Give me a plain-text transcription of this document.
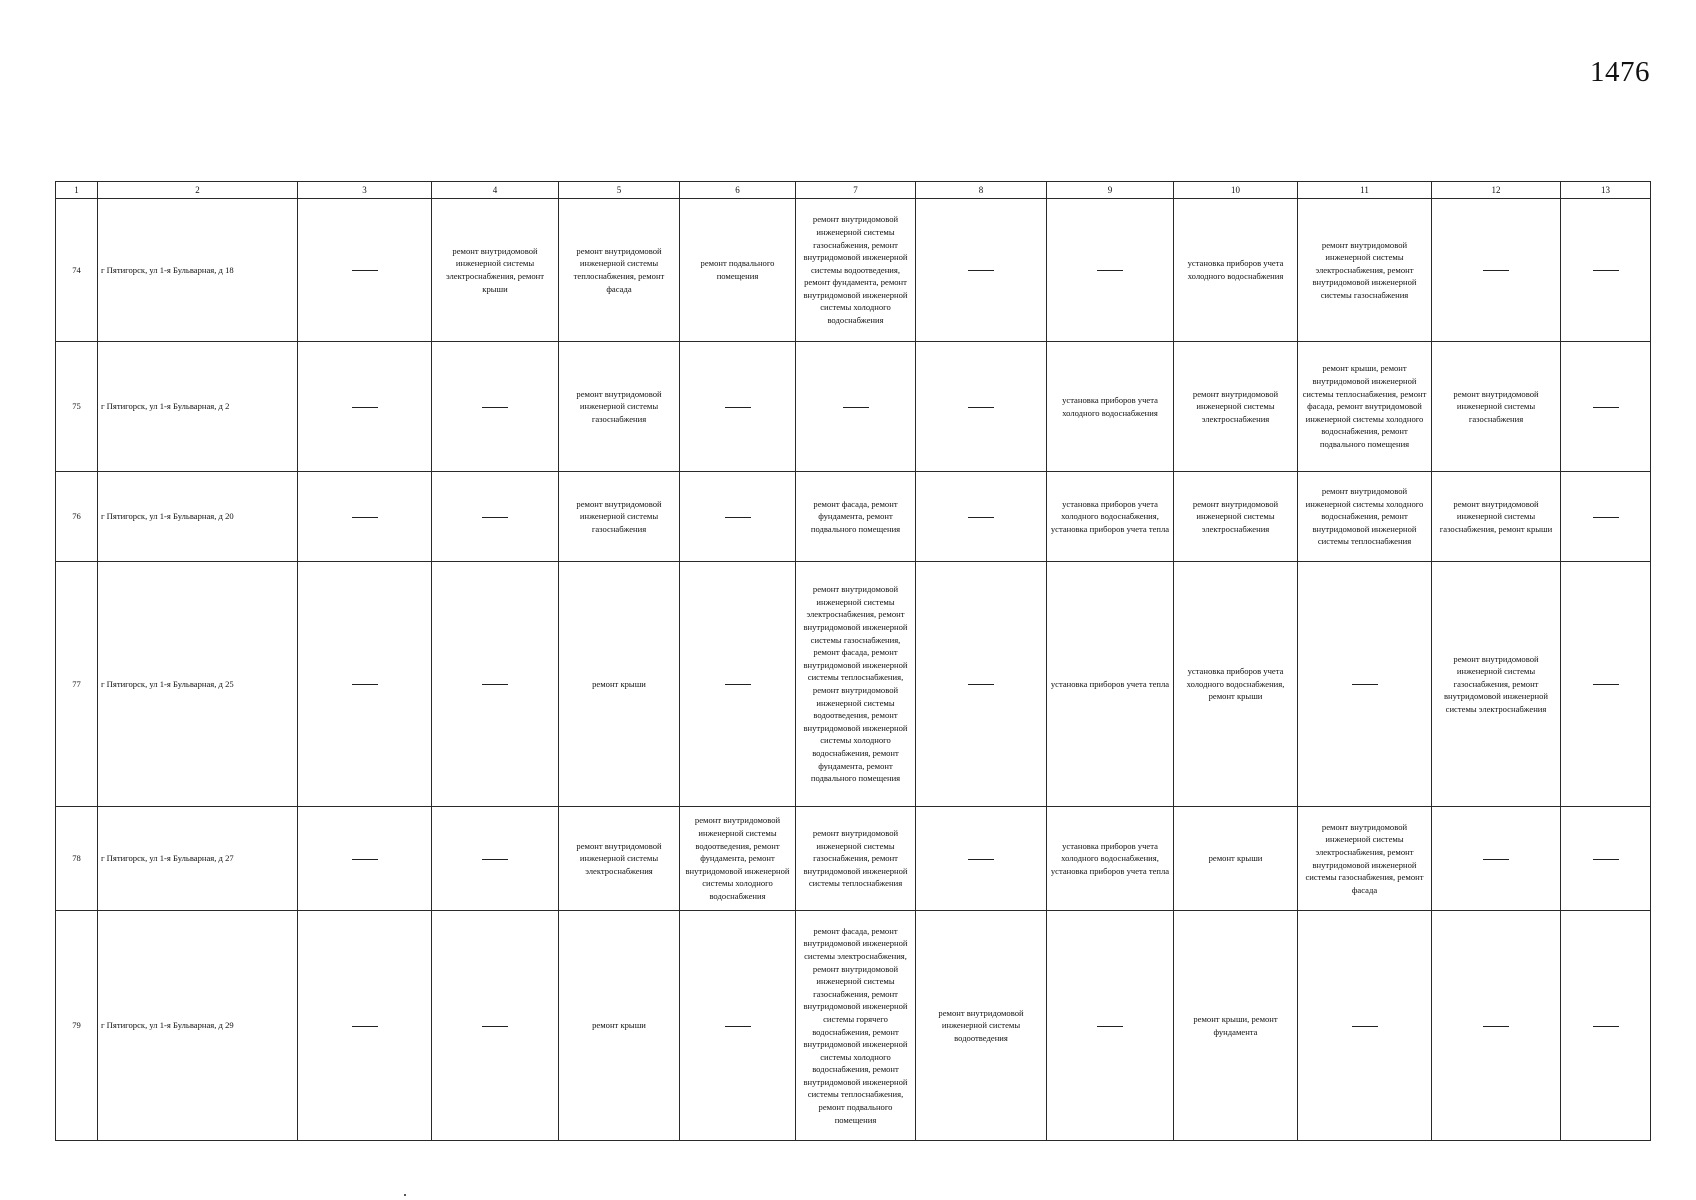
1476
1	2	3	4	5	6	7	8	9	10	11	12	13
74	г Пятигорск, ул 1-я Бульварная, д 18		ремонт внутридомовой инженерной системы электроснабжения, ремонт крыши	ремонт внутридомовой инженерной системы теплоснабжения, ремонт фасада	ремонт подвального помещения	ремонт внутридомовой инженерной системы газоснабжения, ремонт внутридомовой инженерной системы водоотведения, ремонт фундамента, ремонт внутридомовой инженерной системы холодного водоснабжения			установка приборов учета холодного водоснабжения	ремонт внутридомовой инженерной системы электроснабжения, ремонт внутридомовой инженерной системы газоснабжения		
75	г Пятигорск, ул 1-я Бульварная, д 2			ремонт внутридомовой инженерной системы газоснабжения				установка приборов учета холодного водоснабжения	ремонт внутридомовой инженерной системы электроснабжения	ремонт крыши, ремонт внутридомовой инженерной системы теплоснабжения, ремонт фасада, ремонт внутридомовой инженерной системы холодного водоснабжения, ремонт подвального помещения	ремонт внутридомовой инженерной системы газоснабжения	
76	г Пятигорск, ул 1-я Бульварная, д 20			ремонт внутридомовой инженерной системы газоснабжения		ремонт фасада, ремонт фундамента, ремонт подвального помещения		установка приборов учета холодного водоснабжения, установка приборов учета тепла	ремонт внутридомовой инженерной системы электроснабжения	ремонт внутридомовой инженерной системы холодного водоснабжения, ремонт внутридомовой инженерной системы теплоснабжения	ремонт внутридомовой инженерной системы газоснабжения, ремонт крыши	
77	г Пятигорск, ул 1-я Бульварная, д 25			ремонт крыши		ремонт внутридомовой инженерной системы электроснабжения, ремонт внутридомовой инженерной системы газоснабжения, ремонт фасада, ремонт внутридомовой инженерной системы теплоснабжения, ремонт внутридомовой инженерной системы водоотведения, ремонт внутридомовой инженерной системы холодного водоснабжения, ремонт фундамента, ремонт подвального помещения		установка приборов учета тепла	установка приборов учета холодного водоснабжения, ремонт крыши		ремонт внутридомовой инженерной системы газоснабжения, ремонт внутридомовой инженерной системы электроснабжения	
78	г Пятигорск, ул 1-я Бульварная, д 27			ремонт внутридомовой инженерной системы электроснабжения	ремонт внутридомовой инженерной системы водоотведения, ремонт фундамента, ремонт внутридомовой инженерной системы холодного водоснабжения	ремонт внутридомовой инженерной системы газоснабжения, ремонт внутридомовой инженерной системы теплоснабжения		установка приборов учета холодного водоснабжения, установка приборов учета тепла	ремонт крыши	ремонт внутридомовой инженерной системы электроснабжения, ремонт внутридомовой инженерной системы газоснабжения, ремонт фасада		
79	г Пятигорск, ул 1-я Бульварная, д 29			ремонт крыши		ремонт фасада, ремонт внутридомовой инженерной системы электроснабжения, ремонт внутридомовой инженерной системы газоснабжения, ремонт внутридомовой инженерной системы горячего водоснабжения, ремонт внутридомовой инженерной системы холодного водоснабжения, ремонт внутридомовой инженерной системы теплоснабжения, ремонт подвального помещения	ремонт внутридомовой инженерной системы водоотведения		ремонт крыши, ремонт фундамента			
